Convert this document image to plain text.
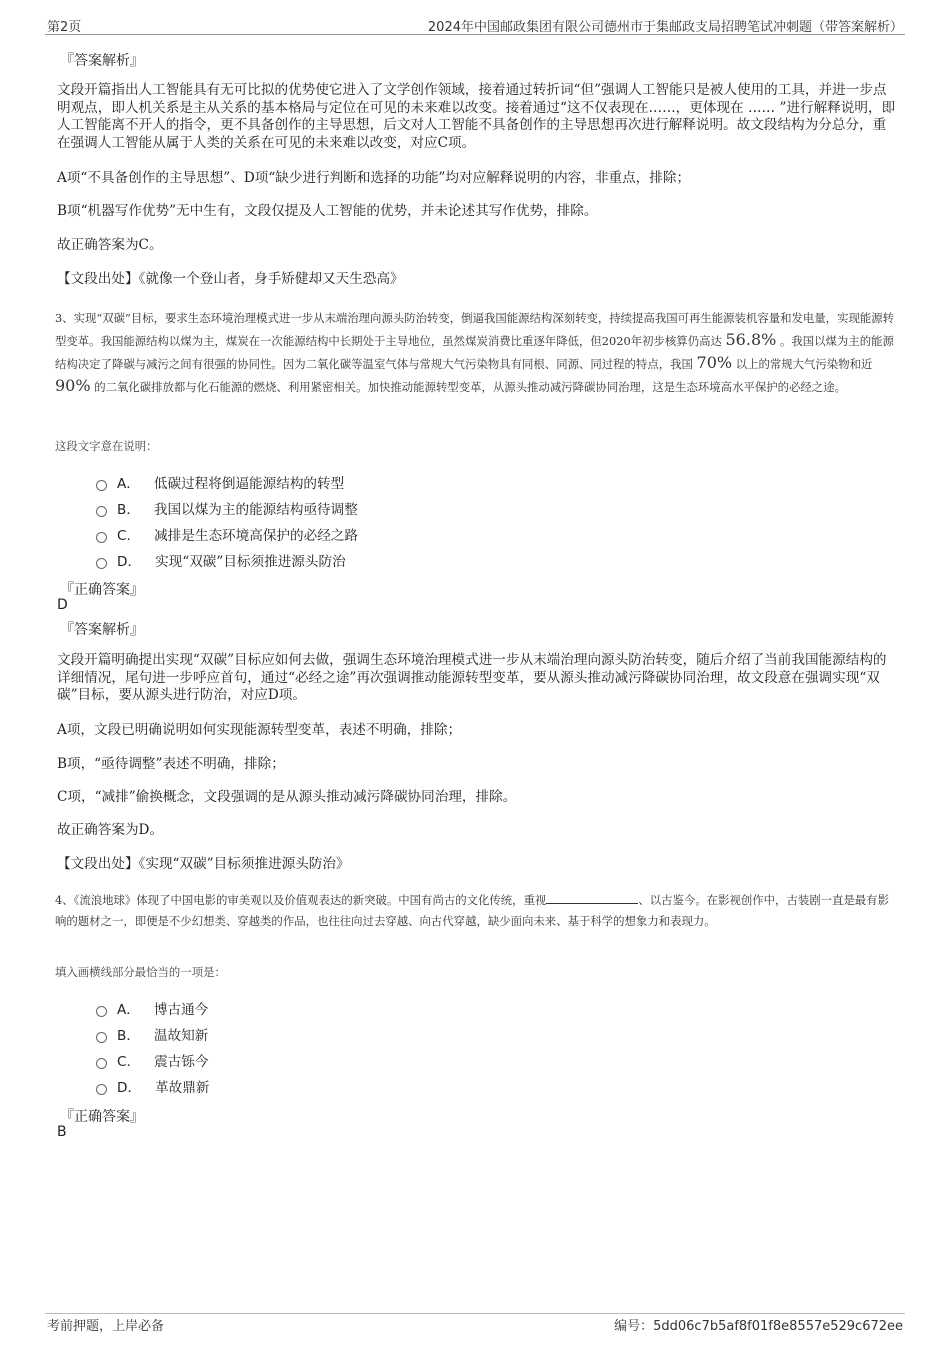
第2页	2024年中国邮政集团有限公司德州市于集邮政支局招聘笔试冲刺题（带答案解析）
『答案解析』
文段开篇指出人工智能具有无可比拟的优势使它进入了文学创作领域，接着通过转折词“但”强调人工智能只是被人使用的工具，并进一步点明观点，即人机关系是主从关系的基本格局与定位在可见的未来难以改变。接着通过“这不仅表现在……，更体现在 …… ”进行解释说明，即人工智能离不开人的指令，更不具备创作的主导思想，后文对人工智能不具备创作的主导思想再次进行解释说明。故文段结构为分总分，重在强调人工智能从属于人类的关系在可见的未来难以改变，对应C项。
A项“不具备创作的主导思想”、D项“缺少进行判断和选择的功能”均对应解释说明的内容，非重点，排除；
B项“机器写作优势”无中生有，文段仅提及人工智能的优势，并未论述其写作优势，排除。
故正确答案为C。
【文段出处】《就像一个登山者，身手矫健却又天生恐高》
3、实现“双碳”目标，要求生态环境治理模式进一步从末端治理向源头防治转变，倒逼我国能源结构深刻转变，持续提高我国可再生能源装机容量和发电量，实现能源转型变革。我国能源结构以煤为主，煤炭在一次能源结构中长期处于主导地位，虽然煤炭消费比重逐年降低，但2020年初步核算仍高达 56.8% 。我国以煤为主的能源结构决定了降碳与减污之间有很强的协同性。因为二氧化碳等温室气体与常规大气污染物具有同根、同源、同过程的特点，我国 70% 以上的常规大气污染物和近 90% 的二氧化碳排放都与化石能源的燃烧、利用紧密相关。加快推动能源转型变革，从源头推动减污降碳协同治理，这是生态环境高水平保护的必经之途。
这段文字意在说明：
A． 低碳过程将倒逼能源结构的转型
B． 我国以煤为主的能源结构亟待调整
C． 减排是生态环境高保护的必经之路
D． 实现“双碳”目标须推进源头防治
『正确答案』
D
『答案解析』
文段开篇明确提出实现“双碳”目标应如何去做，强调生态环境治理模式进一步从末端治理向源头防治转变，随后介绍了当前我国能源结构的详细情况，尾句进一步呼应首句，通过“必经之途”再次强调推动能源转型变革，要从源头推动减污降碳协同治理，故文段意在强调实现“双碳”目标，要从源头进行防治，对应D项。
A项，文段已明确说明如何实现能源转型变革，表述不明确，排除；
B项，“亟待调整”表述不明确，排除；
C项，“减排”偷换概念，文段强调的是从源头推动减污降碳协同治理，排除。
故正确答案为D。
【文段出处】《实现“双碳”目标须推进源头防治》
4、《流浪地球》体现了中国电影的审美观以及价值观表达的新突破。中国有尚古的文化传统，重视	、以古鉴今。在影视创作中，古装剧一直是最有影响的题材之一，即便是不少幻想类、穿越类的作品，也往往向过去穿越、向古代穿越，缺少面向未来、基于科学的想象力和表现力。
填入画横线部分最恰当的一项是：
A． 博古通今
B． 温故知新
C． 震古铄今
D． 革故鼎新
『正确答案』
B
考前押题，上岸必备	编号：5dd06c7b5af8f01f8e8557e529c672ee
